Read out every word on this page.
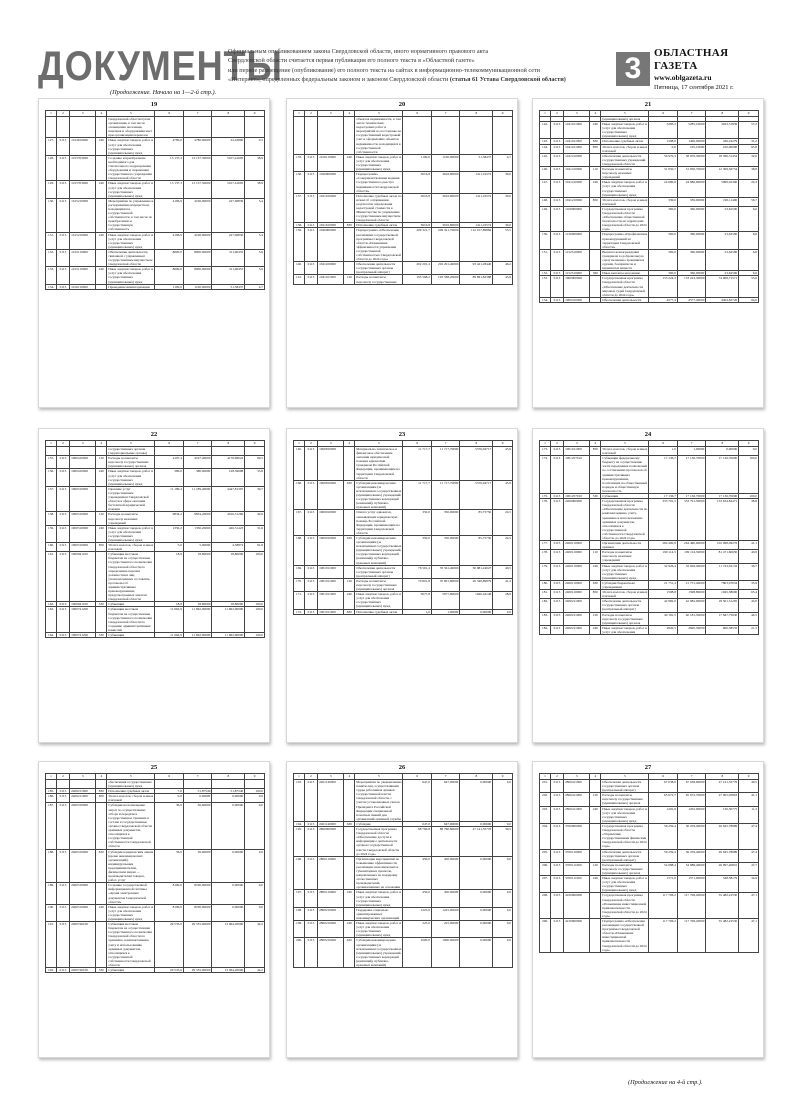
ДОКУМЕНТЫ
Официальным опубликованием закона Свердловской области, иного нормативного правового акта
Свердловской области считается первая публикация его полного текста в «Областной газете»
или первое размещение (опубликование) его полного текста на сайтах в информационно-телекоммуникационной сети
«Интернет», определенных федеральным законом и законом Свердловской области (статья 61 Устава Свердловской области)	3	ОБЛАСТНАЯ ГАЗЕТА
www.oblgazeta.ru
Пятница, 17 сентября 2021 г.
(Продолжение. Начало на 1—2-й стр.).
19
1	2	3	4	5	6	7	8	9
				Свердловской области путем организации, в том числе оповещения населения, переправ и оборудования мест при организации перевозок				
127.	0113	1014919000	240	Иные закупки товаров, работ и услуг для обеспечения государственных (муниципальных) нужд	4780,0	4780,00000	22,43800	0,5
128.	0113	1015703000		Создание и приобретение необходимого для спасательного подразделения оборудования и снаряжения государственного учреждения Свердловской области	13 137,3	13 137,30000	5107,41605	38,9
129.	0113	1015703000	240	Иные закупки товаров, работ и услуг для обеспечения государственных (муниципальных) нужд	13 137,3	13 137,30000	5107,41605	38,9
130.	0113	1015210000		Мероприятия по управлению и распоряжению имуществом, находящимся в государственной собственности, в том числе по приобретению в государственную собственность	4196,9	4196,90000	227,06836	5,4
131.	0113	1015210000	240	Иные закупки товаров, работ и услуг для обеспечения государственных (муниципальных) нужд	4196,9	4196,90000	227,06836	5,4
132.	0113	1015110000		Обеспечение деятельности, связанной с управлением государственным имуществом Свердловской области	8600,0	8600,00000	311,00455	3,6
133.	0113	1015110000	240	Иные закупки товаров, работ и услуг для обеспечения государственных (муниципальных) нужд	8600,0	8600,00000	311,00455	3,6
134.	0113	1016110000		Проведение инвентаризации	1100,0	1100,00000	51,38437	4,7
20
1	2	3	4	5	6	7	8	9
				объектов недвижимости, в том числе технических, кадастровых работ и мероприятий по постановке на государственный кадастровый учет и оформлению объектов недвижимости, находящихся в государственной собственности				
135.	0113	1016110000	240	Иные закупки товаров, работ и услуг для обеспечения государственных (муниципальных) нужд	1100,0	1100,00000	51,38437	4,7
136.	0113	1020000000		Подпрограмма «Совершенствование ведения государственного реестра недвижимости Свердловской области»	3616,8	3616,80000	1411,16574	39,0
137.	0113	1021610000		Исполнение судебных актов по искам об оспаривании результатов определения кадастровой стоимости в Министерстве по управлению государственным имуществом Свердловской области	3616,8	3616,80000	1411,16574	39,0
138.	0113	1021610000	830	Исполнение судебных актов	3616,8	3616,80000	1411,16574	39,0
139.	0113	1040000000		Подпрограмма «Обеспечение реализации государственной программы Свердловской области «Повышение эффективности управления государственной собственностью Свердловской области до 2024 года»	209 321,7	209 321,70000	112 017,89884	53,5
140.	0113	1041100000		Обеспечение деятельности государственных органов (центральный аппарат)	202 201,4	202 201,40000	93 421,28440	46,2
141.	0113	1041101000	120	Расходы на выплаты персоналу государственных	195 568,2	195 568,20000	89 861,82388	45,9
21
1	2	3	4	5	6	7	8	9
				(муниципальных) органов				
142.	0113	1041011000	240	Иные закупки товаров, работ и услуг для обеспечения государственных (муниципальных) нужд	5285,2	5285,10000	3023,51839	57,2
143.	0113	1041011000	830	Исполнение судебных актов	1598,0	1406,00000	436,24279	31,2
144.	0113	1041011000	850	Уплата налогов, сборов и иных платежей	0,0	105,10000	100,00000	95,8
145.	0113	1041210000		Обеспечение деятельности государственных учреждений Свердловской области	56 970,3	58 970,30000	18 596,51454	32,6
146.	0113	1041210000	110	Расходы на выплаты персоналу казенных учреждений	31 950,7	31 950,70000	12 309,36754	38,8
147.	0113	1041210000	240	Иные закупки товаров, работ и услуг для обеспечения государственных (муниципальных) нужд	24 680,6	24 680,60000	5996,02300	24,3
148.	0113	1041210000	850	Уплата налогов, сборов и иных платежей	339,0	339,00000	190,11400	56,7
149.	0113	1100000000		Государственная программа Свердловской области «Обеспечение общественной безопасности на территории Свердловской области до 2024 года»	360,0	360,00000	23,62500	6,6
150.	0113	1150000000		Подпрограмма «Профилактика правонарушений на территории Свердловской области»	360,0	360,00000	23,62500	6,6
151.	0113	1152510000		Выплата вознаграждения гражданам за добровольную сдачу незаконно хранящихся оружия, боеприпасов и взрывчатых веществ	360,0	360,00000	23,62500	6,6
152.	0113	1152510000	360	Иные выплаты населению	360,0	360,00000	23,62500	6,6
153.	0113	1900000000		Государственная программа Свердловской области «Обеспечение деятельности мировых судей Свердловской области до 2024 года»	133 224,3	133 224,30000	74 008,71571	55,6
154.	0113	1900410000		Обеспечение деятельности	4577,4	4577,40000	4304,65720	94,0
22
1	2	3	4	5	6	7	8	9
				государственных органов (территориальные органы)				
155.	0113	1900410000	120	Расходы на выплаты персоналу государственных (муниципальных) органов	4197,4	4197,40000	4176,06022	99,5
156.	0113	1900410000	240	Иные закупки товаров, работ и услуг для обеспечения государственных (муниципальных) нужд	380,0	380,00000	128,59698	33,8
157.	0113	1900510000		Оказание услуг государственным учреждением Свердловской области в сфере оказания бесплатной юридической помощи	11 189,4	11 189,40000	4447,81397	39,7
158.	0113	1900510000	120	Расходы на выплаты персоналу казенных учреждений	9834,2	9834,20000	4016,51260	40,9
159.	0113	1900510000	240	Иные закупки товаров, работ и услуг для обеспечения государственных (муниципальных) нужд	1350,2	1350,20000	426,51423	31,6
160.	0113	1900510000	850	Уплата налогов, сборов и иных платежей	5,0	5,00000	4,58874	91,8
161.	0113	1900641100		Субвенции местным бюджетам на осуществление государственного полномочия Свердловской области по определению перечня должностных лиц, уполномоченных составлять протоколы об административных правонарушениях, предусмотренных законом Свердловской области	18,8	18,80000	18,80000	100,0
162.	0113	1900641100	530	Субвенции	18,8	18,80000	18,80000	100,0
163.	0113	1900741200		Субвенции местным бюджетам на осуществление государственного полномочия Свердловской области по созданию административных комиссий	11 662,9	11 662,90000	11 662,90000	100,0
164.	0113	1900741200	530	Субвенции	11 662,9	11 662,90000	11 662,90000	100,0
23
1	2	3	4	5	6	7	8	9
165.	0113	1900810000		Материально-техническое и финансовое обеспечение оказания юридической помощи адвокатами гражданам Российской Федерации, проживающим на территории Свердловской области	11 717,7	11 717,70000	5376,04717	45,9
166.	0113	1900810000	630	Субсидии некоммерческим организациям (за исключением государственных (муниципальных) учреждений, государственных корпораций (компаний), публично-правовых компаний)	11 717,7	11 717,70000	5376,04717	45,9
167.	0113	1900910000		Оплата услуг адвокатов, оказывающих юридическую помощь Российской Федерации, проживающим на территории Свердловской области	350,0	350,00000	85,75750	24,5
168.	0113	1900910000	630	Субсидии некоммерческим организациям (за исключением государственных (муниципальных) учреждений, государственных корпораций (компаний), публично-правовых компаний)	350,0	350,00000	85,75750	24,5
169.	0113	1901011000		Обеспечение деятельности государственных органов (центральный аппарат)	76 561,4	76 561,40000	30 981,24027	40,5
170.	0113	1901011000	120	Расходы на выплаты персоналу государственных (муниципальных) органов	70 801,8	70 801,80000	29 340,89879	41,4
171.	0113	1901011000	240	Иные закупки товаров, работ и услуг для обеспечения государственных (муниципальных) нужд	5677,8	5677,80000	1640,44148	28,9
172.	0113	1901011000	830	Исполнение судебных актов	1,0	1,00000	0,00000	0,0
24
1	2	3	4	5	6	7	8	9
173.	0113	1901011000	850	Уплата налогов, сборов и иных платежей	1,0	1,00000	0,00000	0,0
174.	0113	1901257010		Субвенции федеральному бюджету на осуществление части переданных полномочий по составлению протоколов об административных правонарушениях, посягающих на общественный порядок и общественную безопасность	17 136,7	17 136,70000	17 136,70000	100,0
175.	0113	1901257010	530	Субвенции	17 136,7	17 136,70000	17 136,70000	100,0
176.	0113	2400000000		Государственная программа Свердловской области «Обеспечение деятельности по комплектованию, учету, хранению и использованию архивных документов, относящихся к государственной собственности Свердловской области, до 2024 года»	333 791,5	333 791,50000	133 634,84471	38,8
177.	0113	2400110000		Организация деятельности архивов	264 490,9	264 490,90000	102 098,09276	41,1
178.	0113	2400110000	110	Расходы на выплаты персоналу казенных учреждений	199 114,5	199 114,50000	81 471,60650	40,9
179.	0113	2400110000	240	Иные закупки товаров, работ и услуг для обеспечения государственных (муниципальных) нужд	32 926,4	32 926,40000	11 743,02132	36,7
180.	0113	2400110000	630	Субсидии бюджетным учреждениям	21 751,4	21 751,40000	7803,07634	35,9
181.	0113	2400110000	850	Уплата налогов, сборов и иных платежей	1598,8	1598,80000	1045,38600	65,4
182.	0113	2400211000		Обеспечение деятельности государственных органов (центральный аппарат)	42 982,0	42 982,00000	18 501,51295	43,0
183.	0113	2400211000	120	Расходы на выплаты персоналу государственных (муниципальных) органов	40 181,5	40 181,50000	17 847,75630	44,5
184.	0113	2400211000	240	Иные закупки товаров, работ и услуг для обеспечения	2820,5	2820,50000	600,38535	21,3
25
1	2	3	4	5	6	7	8	9
				обеспечения государственных (муниципальных) нужд				
185.	0113	2400211000	830	Исполнение судебных актов	7,0	51,87540	51,87540	100,0
186.	0113	2400211000	850	Уплата налогов, сборов и иных платежей	0,0	0,00000	0,00000	0,0
187.	0113	2400310000		Субсидии на возмещение затрат по осуществлению отбора и передачи в государственное хранение в составе в государственные органы Свердловской области архивных документов, относящихся к государственной собственности Свердловской области	36,6	36,60000	0,00000	0,0
188.	0113	2400310000	810	Субсидии юридическим лицам (кроме некоммерческих организаций), индивидуальным предпринимателям, физическим лицам — производителям товаров, работ, услуг	36,6	36,60000	0,00000	0,0
189.	0113	2400510000		Создание государственной информационной системы «Архив электронных документов Свердловской области»	8190,0	8190,00000	0,00000	0,0
190.	0113	2400510000	240	Иные закупки товаров, работ и услуг для обеспечения государственных (муниципальных) нужд	8190,0	8190,00000	0,00000	0,0
191.	0113	2400746100		Субвенции местным бюджетам на осуществление государственного полномочия Свердловской области по хранению, комплектованию, учету и использованию архивных документов, относящихся к государственной собственности Свердловской области	29 535,0	29 535,00000	13 064,20000	44,2
192.	0113	2400746100	530	Субвенции	29 535,0	29 535,00000	13 064,20000	44,2
26
1	2	3	4	5	6	7	8	9
193.	0113	2401140000		Мероприятия по увековечению памяти лиц, осуществлявших труды работников архивов государственной власти Свердловской области, с учетом установленных указов Президента Российской Федерации специальной почетных званий для организаций архивной службы	647,0	647,00000	0,00000	0,0
194.	0113	2401140000	630	Субсидии	647,0	647,00000	0,00000	0,0
195.	0113	2800000000		Государственная программа Свердловской области «Обеспечение доступа к информации о деятельности органов государственной власти Свердловской области до 2024 года»	68 760,8	68 760,80000	27 141,55776	39,5
196.	0113	2800110000		Организация мероприятий по повышению эффективности реализации экономических и гуманитарных проектов, направленных на поддержку отечественных производителей, организованных на основании	450,0	450,00000	0,00000	0,0
197.	0113	2800110000	240	Иные закупки товаров, работ и услуг для обеспечения государственных (муниципальных) нужд	450,0	450,00000	0,00000	0,0
198.	0113	2800210000		Поддержка социально ориентированных некоммерческих организаций	1225,0	1225,00000	0,00000	0,0
199.	0113	2800210000	240	Иные закупки товаров, работ и услуг для обеспечения государственных (муниципальных) нужд	225,0	225,00000	0,00000	0,0
200.	0113	2800210000	630	Субсидии некоммерческим организациям (за исключением государственных (муниципальных) учреждений, государственных корпораций (компаний), публично-правовых компаний)	1000,0	1000,00000	0,00000	0,0
27
1	2	3	4	5	6	7	8	9
201.	0113	2800411000		Обеспечение деятельности государственных органов (центральный аппарат)	67 038,6	67 038,60000	27 141,55776	40,5
202.	0113	2800411000	120	Расходы на выплаты персоналу государственных (муниципальных) органов	65 672,7	65 672,70000	27 005,05803	41,1
203.	0113	2800411000	240	Иные закупки товаров, работ и услуг для обеспечения государственных (муниципальных) нужд	1202,9	1202,90000	136,50775	11,3
204.	0113	3700000000		Государственная программа Свердловской области «Управление государственными финансами Свердловской области до 2024 года»	56 259,4	56 259,40000	26 645,78989	47,4
205.	0113	3700110000		Обеспечение деятельности государственных органов (центральный аппарат)	56 259,4	56 259,40000	26 645,78989	47,4
206.	0113	3700111000	120	Расходы на выплаты персоналу государственных (муниципальных) органов	54 688,4	54 688,40000	26 097,40810	47,7
207.	0113	3700111000	240	Иные закупки товаров, работ и услуг для обеспечения государственных (муниципальных) нужд	1571,0	1571,00000	548,38179	34,9
208.	0113	4100000000		Государственная программа Свердловской области «Повышение инвестиционной привлекательности Свердловской области до 2024 года»	117 706,2	117 706,20000	55 482,22530	47,1
209.	0113	4150000000		Подпрограмма «Обеспечение реализации государственной программы Свердловской области «Повышение инвестиционной привлекательности Свердловской области до 2024 года»	117 706,2	117 706,20000	55 482,22530	47,1
(Продолжение на 4-й стр.).
